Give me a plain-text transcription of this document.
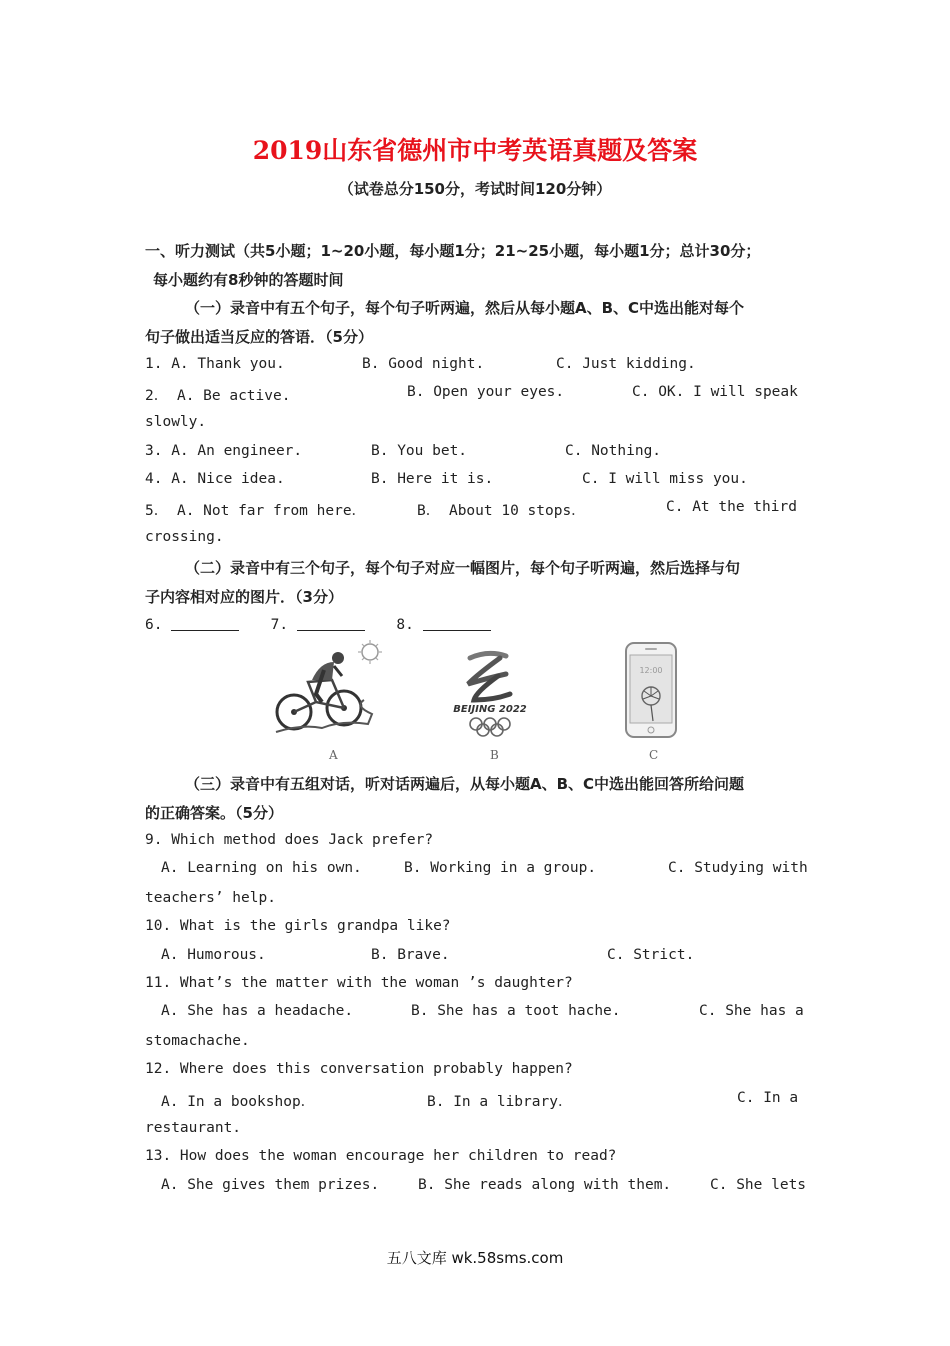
2019山东省德州市中考英语真题及答案
（试卷总分150分，考试时间120分钟）
一、听力测试（共5小题；1~20小题，每小题1分；21~25小题，每小题1分；总计30分；
每小题约有8秒钟的答题时间
（一）录音中有五个句子，每个句子听两遍，然后从每小题A、B、C中选出能对每个
句子做出适当反应的答语．（5分）
1. A. Thank you.	B. Good night.	C. Just kidding.
2． A. Be active.	B. Open your eyes.	C. OK. I will speak
slowly.
3. A. An engineer.	B. You bet.	C. Nothing.
4. A. Nice idea.	B. Here it is.	C. I will miss you.
5． A. Not far from here．	B． About 10 stops．	C. At the third
crossing.
（二）录音中有三个句子，每个句子对应一幅图片，每个句子听两遍，然后选择与句
子内容相对应的图片．（3分）
6.	7.	8.
A
BEIJING 2022
B
12:00
C
（三）录音中有五组对话，听对话两遍后，从每小题A、B、C中选出能回答所给问题
的正确答案。（5分）
9. Which method does Jack prefer?
A. Learning on his own.	B. Working in a group.	C. Studying with
teachers’ help.
10. What is the girls grandpa like?
A. Humorous.	B. Brave.	C. Strict.
11. What’s the matter with the woman ’s daughter?
A. She has a headache.	B. She has a toot hache.	C. She has a
stomachache.
12. Where does this conversation probably happen?
A. In a bookshop．	B. In a library．	C. In a
restaurant.
13. How does the woman encourage her children to read?
A. She gives them prizes.	B. She reads along with them.	C. She lets
五八文库 wk.58sms.com
